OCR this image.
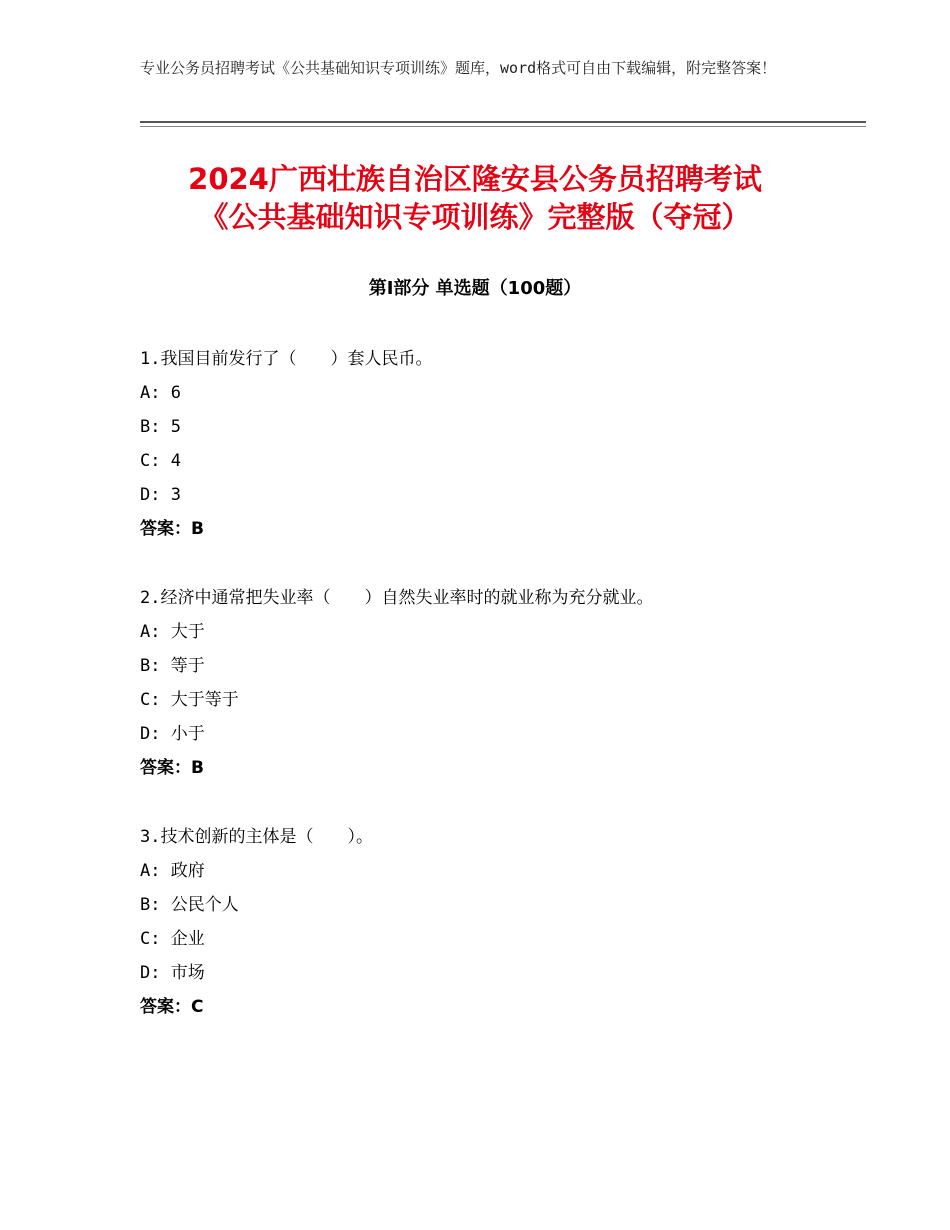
专业公务员招聘考试《公共基础知识专项训练》题库，word格式可自由下载编辑，附完整答案！
2024广西壮族自治区隆安县公务员招聘考试
《公共基础知识专项训练》完整版（夺冠）
第Ⅰ部分 单选题（100题）
1.我国目前发行了（　　）套人民币。
A: 6
B: 5
C: 4
D: 3
答案：B
2.经济中通常把失业率（　　）自然失业率时的就业称为充分就业。
A: 大于
B: 等于
C: 大于等于
D: 小于
答案：B
3.技术创新的主体是（　　）。
A: 政府
B: 公民个人
C: 企业
D: 市场
答案：C
